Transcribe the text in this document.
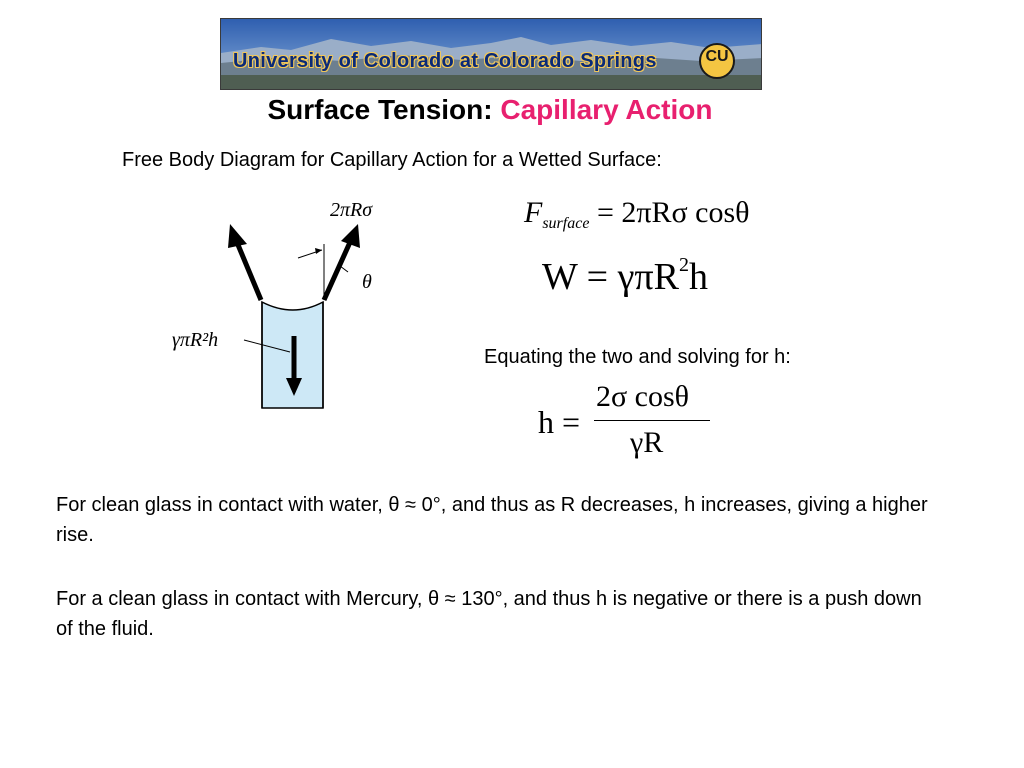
University of Colorado at Colorado Springs	CU
Surface Tension: Capillary Action
Free Body Diagram for Capillary Action for a Wetted Surface:
2πRσ
θ
γπR²h
$F_{surface} = 2\pi R\sigma$ cosθ
W = γπR$^2$h
Equating the two and solving for h:
h =
2σ cosθ
γR
For clean glass in contact with water, θ ≈ 0°, and thus as R decreases, h increases, giving a higher rise.
For a clean glass in contact with Mercury, θ ≈ 130°, and thus h is negative or there is a push down of the fluid.
